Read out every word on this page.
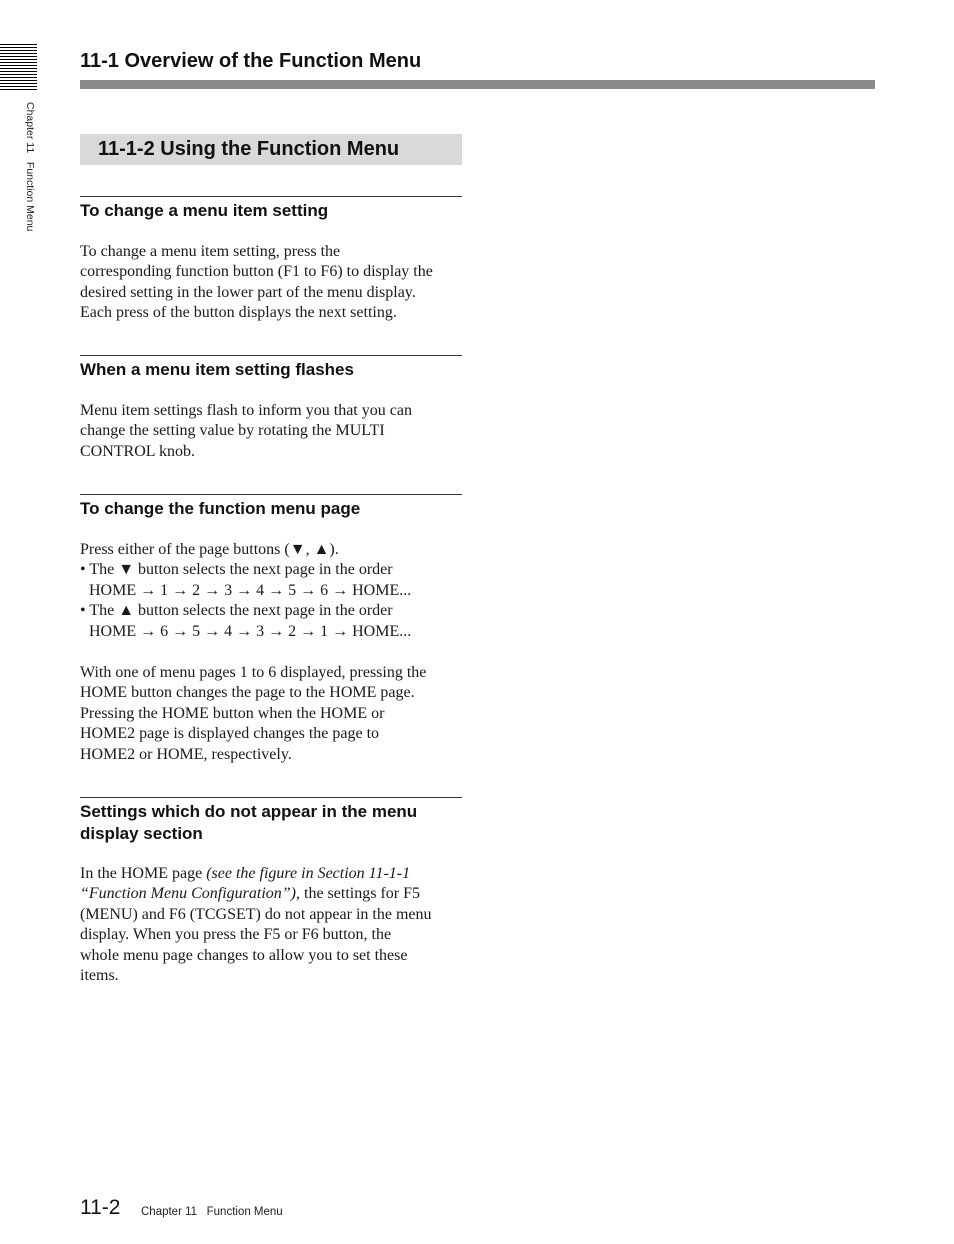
Chapter 11   Function Menu
11-1 Overview of the Function Menu
11-1-2 Using the Function Menu
To change a menu item setting
To change a menu item setting, press the
corresponding function button (F1 to F6) to display the
desired setting in the lower part of the menu display.
Each press of the button displays the next setting.
When a menu item setting flashes
Menu item settings flash to inform you that you can
change the setting value by rotating the MULTI
CONTROL knob.
To change the function menu page
Press either of the page buttons (▼, ▲).
• The ▼ button selects the next page in the order
HOME → 1 → 2 → 3 → 4 → 5 → 6 → HOME...
• The ▲ button selects the next page in the order
HOME → 6 → 5 → 4 → 3 → 2 → 1 → HOME...
With one of menu pages 1 to 6 displayed, pressing the
HOME button changes the page to the HOME page.
Pressing the HOME button when the HOME or
HOME2 page is displayed changes the page to
HOME2 or HOME, respectively.
Settings which do not appear in the menu
display section
In the HOME page (see the figure in Section 11-1-1
“Function Menu Configuration”), the settings for F5
(MENU) and F6 (TCGSET) do not appear in the menu
display. When you press the F5 or F6 button, the
whole menu page changes to allow you to set these
items.
11-2 Chapter 11   Function Menu
